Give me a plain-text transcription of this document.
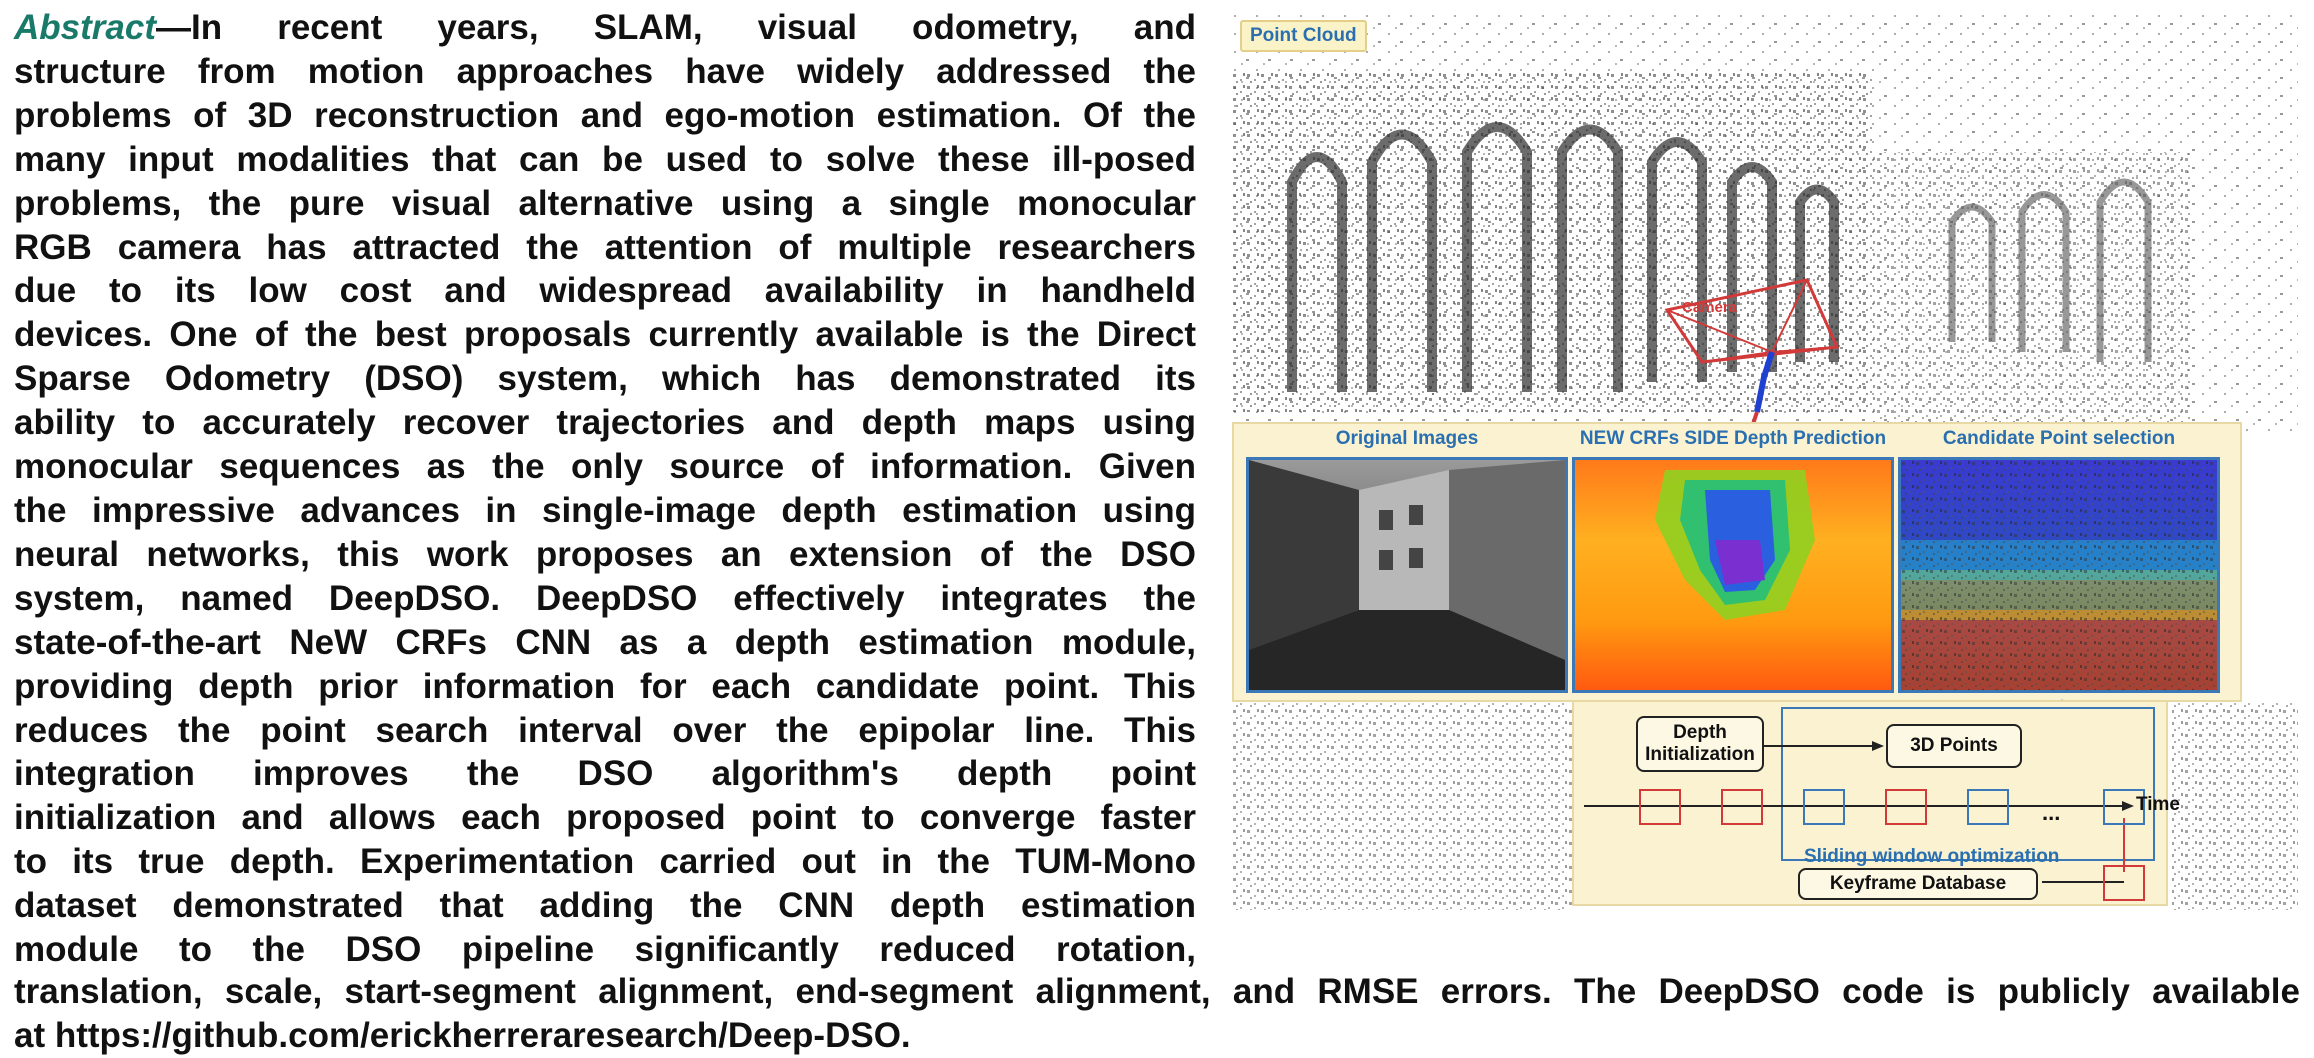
Abstract—In recent years, SLAM, visual odometry, and
structure from motion approaches have widely addressed the
problems of 3D reconstruction and ego-motion estimation. Of the
many input modalities that can be used to solve these ill-posed
problems, the pure visual alternative using a single monocular
RGB camera has attracted the attention of multiple researchers
due to its low cost and widespread availability in handheld
devices. One of the best proposals currently available is the Direct
Sparse Odometry (DSO) system, which has demonstrated its
ability to accurately recover trajectories and depth maps using
monocular sequences as the only source of information. Given
the impressive advances in single-image depth estimation using
neural networks, this work proposes an extension of the DSO
system, named DeepDSO. DeepDSO effectively integrates the
state-of-the-art NeW CRFs CNN as a depth estimation module,
providing depth prior information for each candidate point. This
reduces the point search interval over the epipolar line. This
integration improves the DSO algorithm's depth point
initialization and allows each proposed point to converge faster
to its true depth. Experimentation carried out in the TUM-Mono
dataset demonstrated that adding the CNN depth estimation
module to the DSO pipeline significantly reduced rotation,
translation, scale, start-segment alignment, end-segment alignment, and RMSE errors. The DeepDSO code is publicly available
at https://github.com/erickherreraresearch/Deep-DSO.
Camera
Point Cloud
Original Images	NEW CRFs SIDE Depth Prediction	Candidate Point selection
Depth
Initialization	3D Points
...	Time
Sliding window optimization
Keyframe Database
